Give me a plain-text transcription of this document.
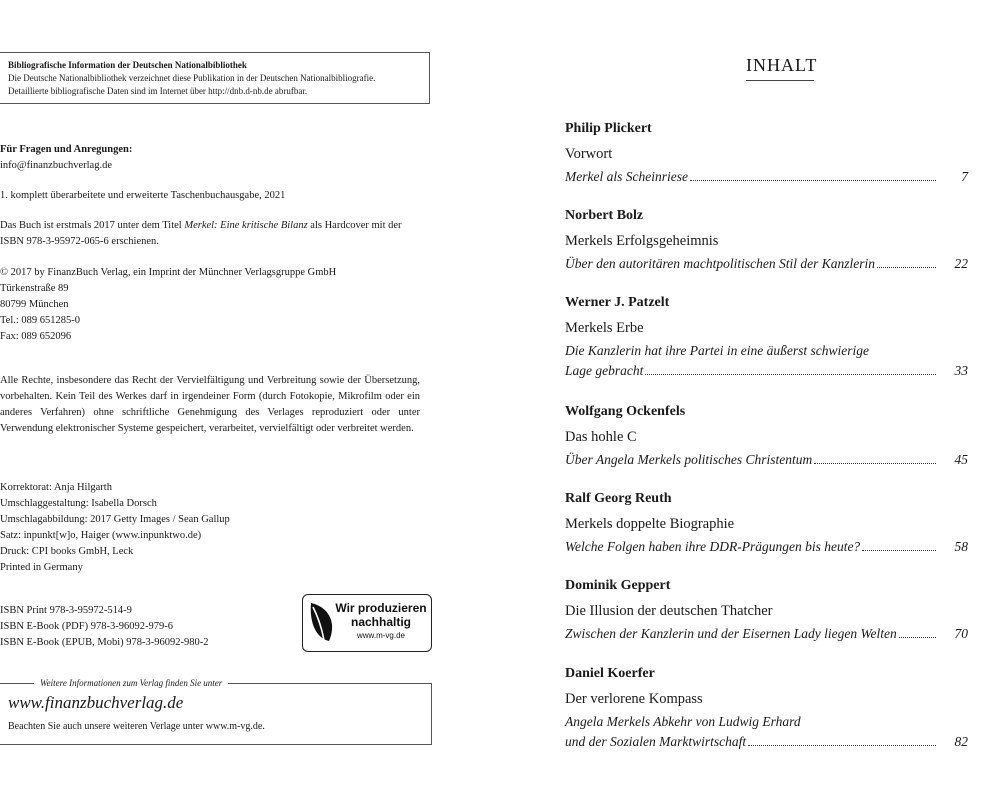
Bibliografische Information der Deutschen Nationalbibliothek
Die Deutsche Nationalbibliothek verzeichnet diese Publikation in der Deutschen Nationalbibliografie.
Detaillierte bibliografische Daten sind im Internet über http://dnb.d-nb.de abrufbar.

Für Fragen und Anregungen:
info@finanzbuchverlag.de

1. komplett überarbeitete und erweiterte Taschenbuchausgabe, 2021

Das Buch ist erstmals 2017 unter dem Titel Merkel: Eine kritische Bilanz als Hardcover mit der ISBN 978-3-95972-065-6 erschienen.

© 2017 by FinanzBuch Verlag, ein Imprint der Münchner Verlagsgruppe GmbH
Türkenstraße 89
80799 München
Tel.: 089 651285-0
Fax: 089 652096

Alle Rechte, insbesondere das Recht der Vervielfältigung und Verbreitung sowie der Übersetzung, vorbehalten. Kein Teil des Werkes darf in irgendeiner Form (durch Fotokopie, Mikrofilm oder ein anderes Verfahren) ohne schriftliche Genehmigung des Verlages reproduziert oder unter Verwendung elektronischer Systeme gespeichert, verarbeitet, vervielfältigt oder verbreitet werden.

Korrektorat: Anja Hilgarth
Umschlaggestaltung: Isabella Dorsch
Umschlagabbildung: 2017 Getty Images / Sean Gallup
Satz: inpunkt[w]o, Haiger (www.inpunktwo.de)
Druck: CPI books GmbH, Leck
Printed in Germany

ISBN Print 978-3-95972-514-9
ISBN E-Book (PDF) 978-3-96092-979-6
ISBN E-Book (EPUB, Mobi) 978-3-96092-980-2

Wir produzieren
nachhaltig
www.m-vg.de
Weitere Informationen zum Verlag finden Sie unter
www.finanzbuchverlag.de
Beachten Sie auch unsere weiteren Verlage unter www.m-vg.de.
INHALT
Philip Plickert
Vorwort
Merkel als Scheinriese	7
Norbert Bolz
Merkels Erfolgsgeheimnis
Über den autoritären machtpolitischen Stil der Kanzlerin	22
Werner J. Patzelt
Merkels Erbe
Die Kanzlerin hat ihre Partei in eine äußerst schwierige
Lage gebracht	33
Wolfgang Ockenfels
Das hohle C
Über Angela Merkels politisches Christentum	45
Ralf Georg Reuth
Merkels doppelte Biographie
Welche Folgen haben ihre DDR-Prägungen bis heute?	58
Dominik Geppert
Die Illusion der deutschen Thatcher
Zwischen der Kanzlerin und der Eisernen Lady liegen Welten	70
Daniel Koerfer
Der verlorene Kompass
Angela Merkels Abkehr von Ludwig Erhard
und der Sozialen Marktwirtschaft	82
